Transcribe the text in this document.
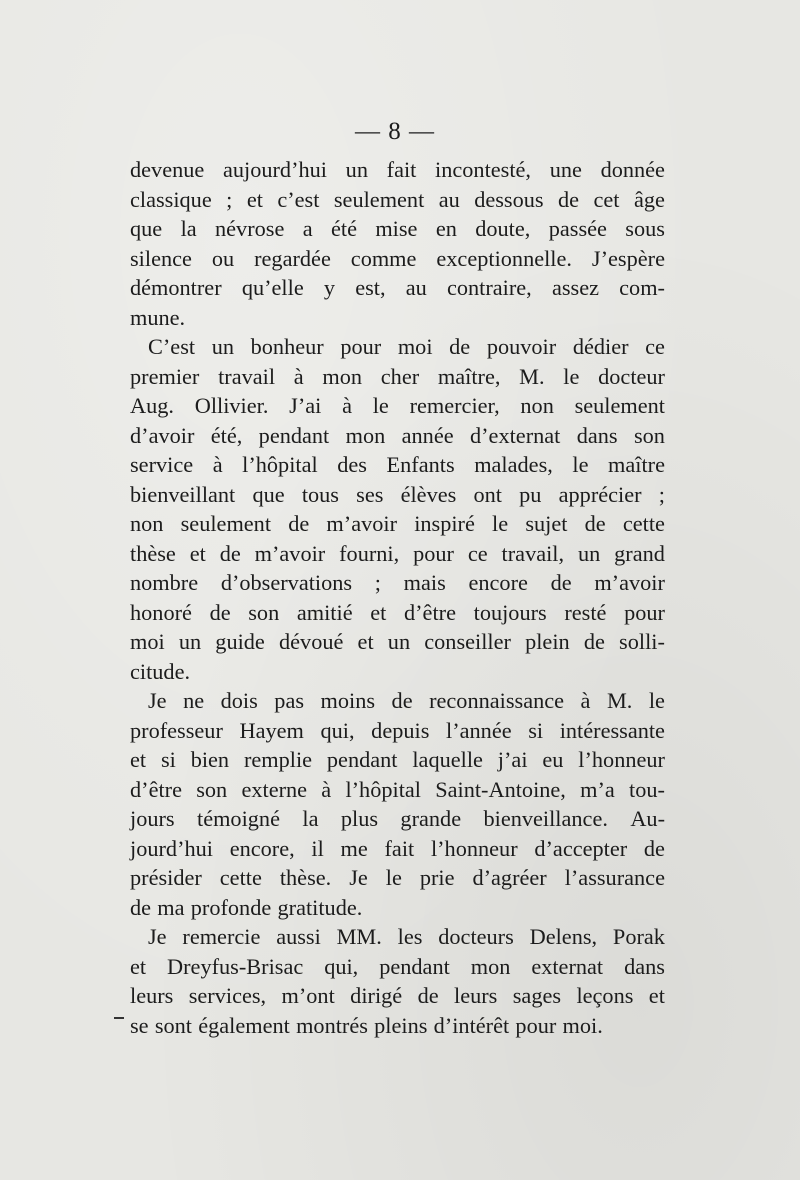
— 8 —
devenue aujourd’hui un fait incontesté, une donnée
classique ; et c’est seulement au dessous de cet âge
que la névrose a été mise en doute, passée sous
silence ou regardée comme exceptionnelle. J’espère
démontrer qu’elle y est, au contraire, assez com-
mune.
C’est un bonheur pour moi de pouvoir dédier ce
premier travail à mon cher maître, M. le docteur
Aug. Ollivier. J’ai à le remercier, non seulement
d’avoir été, pendant mon année d’externat dans son
service à l’hôpital des Enfants malades, le maître
bienveillant que tous ses élèves ont pu apprécier ;
non seulement de m’avoir inspiré le sujet de cette
thèse et de m’avoir fourni, pour ce travail, un grand
nombre d’observations ; mais encore de m’avoir
honoré de son amitié et d’être toujours resté pour
moi un guide dévoué et un conseiller plein de solli-
citude.
Je ne dois pas moins de reconnaissance à M. le
professeur Hayem qui, depuis l’année si intéressante
et si bien remplie pendant laquelle j’ai eu l’honneur
d’être son externe à l’hôpital Saint-Antoine, m’a tou-
jours témoigné la plus grande bienveillance. Au-
jourd’hui encore, il me fait l’honneur d’accepter de
présider cette thèse. Je le prie d’agréer l’assurance
de ma profonde gratitude.
Je remercie aussi MM. les docteurs Delens, Porak
et Dreyfus-Brisac qui, pendant mon externat dans
leurs services, m’ont dirigé de leurs sages leçons et
se sont également montrés pleins d’intérêt pour moi.
